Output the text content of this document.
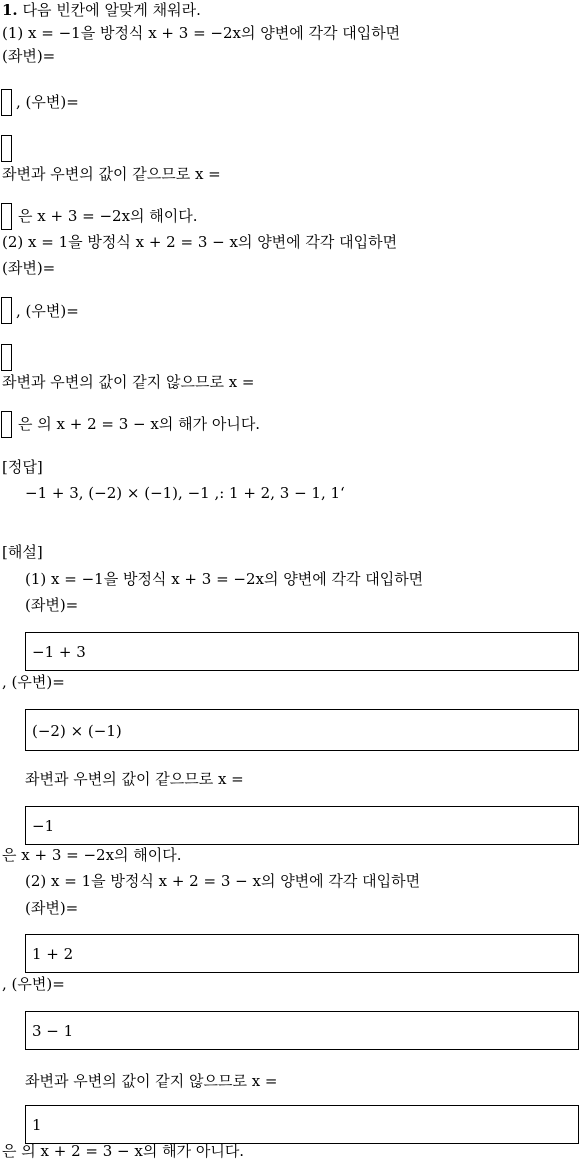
1. 다음 빈칸에 알맞게 채워라.
(1) x = −1을 방정식 x + 3 = −2x의 양변에 각각 대입하면
(좌변)=
, (우변)=
좌변과 우변의 값이 같으므로 x =
은 x + 3 = −2x의 해이다.
(2) x = 1을 방정식 x + 2 = 3 − x의 양변에 각각 대입하면
(좌변)=
, (우변)=
좌변과 우변의 값이 같지 않으므로 x =
은 의 x + 2 = 3 − x의 해가 아니다.
[정답]
−1 + 3, (−2) × (−1), −1 ,: 1 + 2, 3 − 1, 1‘
[해설]
(1) x = −1을 방정식 x + 3 = −2x의 양변에 각각 대입하면
(좌변)=
−1 + 3
, (우변)=
(−2) × (−1)
좌변과 우변의 값이 같으므로 x =
−1
은 x + 3 = −2x의 해이다.
(2) x = 1을 방정식 x + 2 = 3 − x의 양변에 각각 대입하면
(좌변)=
1 + 2
, (우변)=
3 − 1
좌변과 우변의 값이 같지 않으므로 x =
1
은 의 x + 2 = 3 − x의 해가 아니다.
